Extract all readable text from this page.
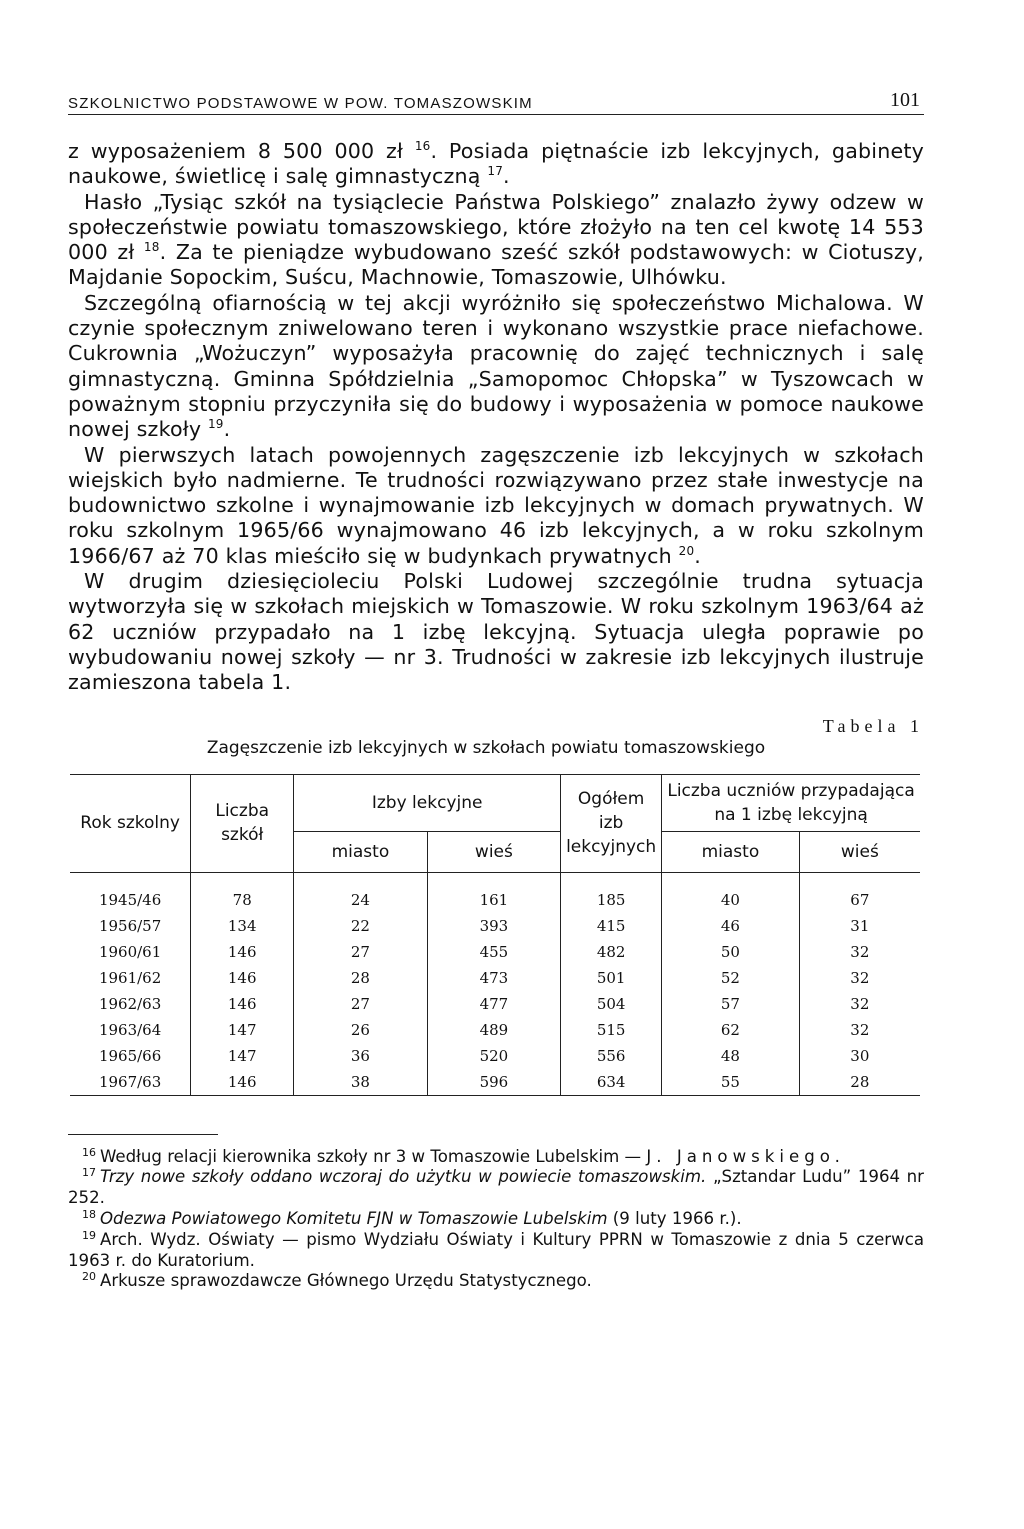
SZKOLNICTWO PODSTAWOWE W POW. TOMASZOWSKIM	101

z wyposażeniem 8 500 000 zł $^{16}$. Posiada piętnaście izb lekcyjnych, gabinety naukowe, świetlicę i salę gimnastyczną $^{17}$.

Hasło „Tysiąc szkół na tysiąclecie Państwa Polskiego” znalazło żywy odzew w społeczeństwie powiatu tomaszowskiego, które złożyło na ten cel kwotę 14 553 000 zł $^{18}$. Za te pieniądze wybudowano sześć szkół podstawowych: w Ciotuszy, Majdanie Sopockim, Suścu, Machnowie, Tomaszowie, Ulhówku.

Szczególną ofiarnością w tej akcji wyróżniło się społeczeństwo Michalowa. W czynie społecznym zniwelowano teren i wykonano wszystkie prace niefachowe. Cukrownia „Wożuczyn” wyposażyła pracownię do zajęć technicznych i salę gimnastyczną. Gminna Spółdzielnia „Samopomoc Chłopska” w Tyszowcach w poważnym stopniu przyczyniła się do budowy i wyposażenia w pomoce naukowe nowej szkoły $^{19}$.

W pierwszych latach powojennych zagęszczenie izb lekcyjnych w szkołach wiejskich było nadmierne. Te trudności rozwiązywano przez stałe inwestycje na budownictwo szkolne i wynajmowanie izb lekcyjnych w domach prywatnych. W roku szkolnym 1965/66 wynajmowano 46 izb lekcyjnych, a w roku szkolnym 1966/67 aż 70 klas mieściło się w budynkach prywatnych $^{20}$.

W drugim dziesięcioleciu Polski Ludowej szczególnie trudna sytuacja wytworzyła się w szkołach miejskich w Tomaszowie. W roku szkolnym 1963/64 aż 62 uczniów przypadało na 1 izbę lekcyjną. Sytuacja uległa poprawie po wybudowaniu nowej szkoły — nr 3. Trudności w zakresie izb lekcyjnych ilustruje zamieszona tabela 1.

Tabela 1
Zagęszczenie izb lekcyjnych w szkołach powiatu tomaszowskiego
Rok szkolny	Liczba szkół	Izby lekcyjne		Ogółem izb lekcyjnych	Liczba uczniów przypadająca na 1 izbę lekcyjną	
		miasto	wieś		miasto	wieś
1945/46	78	24	161	185	40	67
1956/57	134	22	393	415	46	31
1960/61	146	27	455	482	50	32
1961/62	146	28	473	501	52	32
1962/63	146	27	477	504	57	32
1963/64	147	26	489	515	62	32
1965/66	147	36	520	556	48	30
1967/63	146	38	596	634	55	28

$^{16}$ Według relacji kierownika szkoły nr 3 w Tomaszowie Lubelskim — J. Janowskiego.

$^{17}$ Trzy nowe szkoły oddano wczoraj do użytku w powiecie tomaszowskim. „Sztandar Ludu” 1964 nr 252.

$^{18}$ Odezwa Powiatowego Komitetu FJN w Tomaszowie Lubelskim (9 luty 1966 r.).

$^{19}$ Arch. Wydz. Oświaty — pismo Wydziału Oświaty i Kultury PPRN w Tomaszowie z dnia 5 czerwca 1963 r. do Kuratorium.

$^{20}$ Arkusze sprawozdawcze Głównego Urzędu Statystycznego.
